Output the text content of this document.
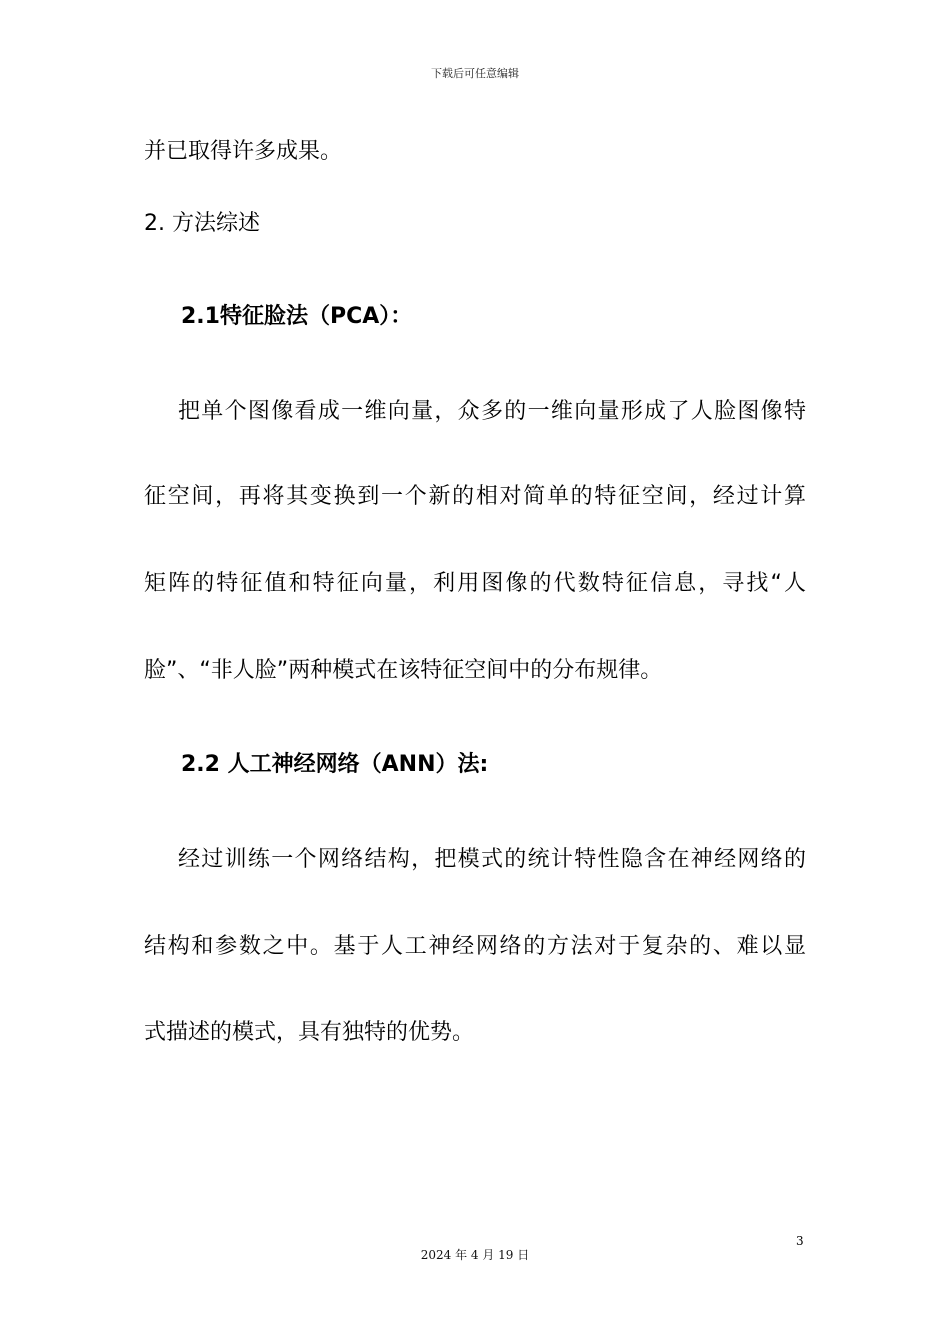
下载后可任意编辑
并已取得许多成果。
2. 方法综述
2.1特征脸法（PCA）：
把单个图像看成一维向量，众多的一维向量形成了人脸图像特
征空间，再将其变换到一个新的相对简单的特征空间，经过计算
矩阵的特征值和特征向量，利用图像的代数特征信息，寻找“人
脸”、“非人脸”两种模式在该特征空间中的分布规律。
2.2 人工神经网络（ANN）法:
经过训练一个网络结构，把模式的统计特性隐含在神经网络的
结构和参数之中。基于人工神经网络的方法对于复杂的、难以显
式描述的模式，具有独特的优势。
3
2024 年 4 月 19 日
